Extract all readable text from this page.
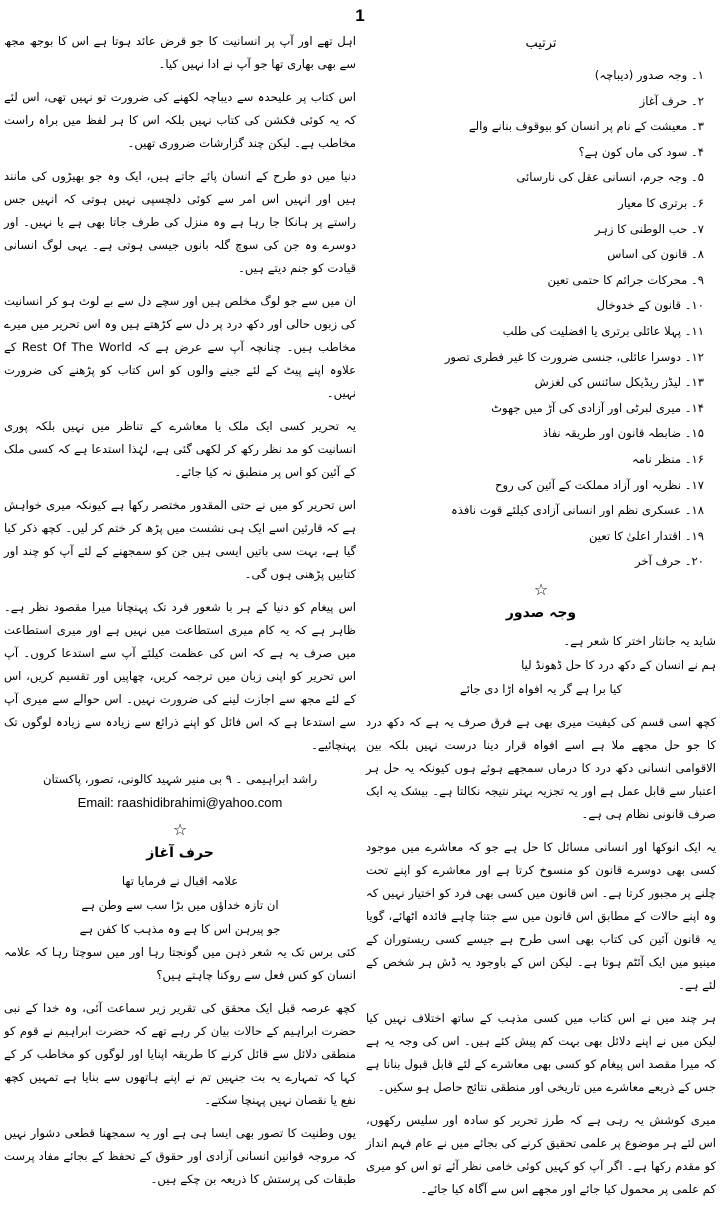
1
ترتیب
۱۔ وجہ صدور (دیباچہ)
۲۔ حرف آغاز
۳۔ معیشت کے نام پر انسان کو بیوقوف بنانے والے
۴۔ سود کی ماں کون ہے؟
۵۔ وجہ جرم، انسانی عقل کی نارسائی
۶۔ برتری کا معیار
۷۔ حب الوطنی کا زہر
۸۔ قانون کی اساس
۹۔ محرکات جرائم کا حتمی تعین
۱۰۔ قانون کے خدوخال
۱۱۔ پہلا عائلی برتری یا افضلیت کی طلب
۱۲۔ دوسرا عائلی، جنسی ضرورت کا غیر فطری تصور
۱۳۔ لیڈز ریڈیکل سائنس کی لغزش
۱۴۔ میری لبرٹی اور آزادی کی آڑ میں جھوٹ
۱۵۔ ضابطہ قانون اور طریقہ نفاذ
۱۶۔ منظر نامہ
۱۷۔ نظریہ اور آزاد مملکت کے آئین کی روح
۱۸۔ عسکری نظم اور انسانی آزادی کیلئے قوت نافذہ
۱۹۔ اقتدار اعلیٰ کا تعین
۲۰۔ حرف آخر
☆
وجہ صدور
شاید یہ جانثار اختر کا شعر ہے۔
ہم نے انسان کے دکھ درد کا حل ڈھونڈ لیا
کیا برا ہے گر یہ افواہ اڑا دی جائے

کچھ اسی قسم کی کیفیت میری بھی ہے فرق صرف یہ ہے کہ دکھ درد کا جو حل مجھے ملا ہے اسے افواہ قرار دینا درست نہیں بلکہ بین الاقوامی انسانی دکھ درد کا درماں سمجھے ہوئے ہوں کیونکہ یہ حل ہر اعتبار سے قابل عمل ہے اور یہ تجزیہ بہتر نتیجہ نکالتا ہے۔ بیشک یہ ایک صرف قانونی نظام ہی ہے۔

یہ ایک انوکھا اور انسانی مسائل کا حل ہے جو کہ معاشرے میں موجود کسی بھی دوسرے قانون کو منسوخ کرتا ہے اور معاشرے کو اپنے تحت چلنے پر مجبور کرتا ہے۔ اس قانون میں کسی بھی فرد کو اختیار نہیں کہ وہ اپنے حالات کے مطابق اس قانون میں سے جتنا چاہے فائدہ اٹھائے، گویا یہ قانون آئین کی کتاب بھی اسی طرح ہے جیسے کسی ریستوران کے مینیو میں ایک آئٹم ہوتا ہے۔ لیکن اس کے باوجود یہ ڈش ہر شخص کے لئے ہے۔

ہر چند میں نے اس کتاب میں کسی مذہب کے ساتھ اختلاف نہیں کیا لیکن میں نے اپنے دلائل بھی بہت کم پیش کئے ہیں۔ اس کی وجہ یہ ہے کہ میرا مقصد اس پیغام کو کسی بھی معاشرے کے لئے قابل قبول بنانا ہے جس کے ذریعے معاشرے میں تاریخی اور منطقی نتائج حاصل ہو سکیں۔

میری کوشش یہ رہی ہے کہ طرز تحریر کو سادہ اور سلیس رکھوں، اس لئے ہر موضوع پر علمی تحقیق کرنے کی بجائے میں نے عام فہم انداز کو مقدم رکھا ہے۔ اگر آپ کو کہیں کوئی خامی نظر آئے تو اس کو میری کم علمی پر محمول کیا جائے اور مجھے اس سے آگاہ کیا جائے۔

اہل تھے اور آپ پر انسانیت کا جو قرض عائد ہوتا ہے اس کا بوجھ مجھ سے بھی بھاری تھا جو آپ نے ادا نہیں کیا۔

اس کتاب پر علیحدہ سے دیباچہ لکھنے کی ضرورت تو نہیں تھی، اس لئے کہ یہ کوئی فکشن کی کتاب نہیں بلکہ اس کا ہر لفظ میں براہ راست مخاطب ہے۔ لیکن چند گزارشات ضروری تھیں۔

دنیا میں دو طرح کے انسان پائے جاتے ہیں، ایک وہ جو بھیڑوں کی مانند ہیں اور انہیں اس امر سے کوئی دلچسپی نہیں ہوتی کہ انہیں جس راستے پر ہانکا جا رہا ہے وہ منزل کی طرف جاتا بھی ہے یا نہیں۔ اور دوسرے وہ جن کی سوچ گلہ بانوں جیسی ہوتی ہے۔ یہی لوگ انسانی قیادت کو جنم دیتے ہیں۔

ان میں سے جو لوگ مخلص ہیں اور سچے دل سے بے لوث ہو کر انسانیت کی زبوں حالی اور دکھ درد پر دل سے کڑھتے ہیں وہ اس تحریر میں میرے مخاطب ہیں۔ چنانچہ آپ سے عرض ہے کہ Rest Of The World کے علاوہ اپنے پیٹ کے لئے جینے والوں کو اس کتاب کو پڑھنے کی ضرورت نہیں۔

یہ تحریر کسی ایک ملک یا معاشرے کے تناظر میں نہیں بلکہ پوری انسانیت کو مد نظر رکھ کر لکھی گئی ہے، لہٰذا استدعا ہے کہ کسی ملک کے آئین کو اس پر منطبق نہ کیا جائے۔

اس تحریر کو میں نے حتی المقدور مختصر رکھا ہے کیونکہ میری خواہش ہے کہ قارئین اسے ایک ہی نشست میں پڑھ کر ختم کر لیں۔ کچھ ذکر کیا گیا ہے، بہت سی باتیں ایسی ہیں جن کو سمجھنے کے لئے آپ کو چند اور کتابیں پڑھنی ہوں گی۔

اس پیغام کو دنیا کے ہر با شعور فرد تک پہنچانا میرا مقصود نظر ہے۔ ظاہر ہے کہ یہ کام میری استطاعت میں نہیں ہے اور میری استطاعت میں صرف یہ ہے کہ اس کی عظمت کیلئے آپ سے استدعا کروں۔ آپ اس تحریر کو اپنی زبان میں ترجمہ کریں، چھاپیں اور تقسیم کریں، اس کے لئے مجھ سے اجازت لینے کی ضرورت نہیں۔ اس حوالے سے میری آپ سے استدعا ہے کہ اس فائل کو اپنے ذرائع سے زیادہ سے زیادہ لوگوں تک پہنچائیے۔

راشد ابراہیمی ۔ ۹ بی منیر شہید کالونی، تصور، پاکستان
Email: raashidibrahimi@yahoo.com
☆
حرف آغاز
علامہ اقبال نے فرمایا تھا
ان تازہ خداؤں میں بڑا سب سے وطن ہے
جو پیرہن اس کا ہے وہ مذہب کا کفن ہے

کئی برس تک یہ شعر ذہن میں گونجتا رہا اور میں سوچتا رہا کہ علامہ انسان کو کس فعل سے روکنا چاہتے ہیں؟

کچھ عرصہ قبل ایک محقق کی تقریر زیر سماعت آئی، وہ خدا کے نبی حضرت ابراہیم کے حالات بیان کر رہے تھے کہ حضرت ابراہیم نے قوم کو منطقی دلائل سے قائل کرنے کا طریقہ اپنایا اور لوگوں کو مخاطب کر کے کہا کہ تمہارے یہ بت جنہیں تم نے اپنے ہاتھوں سے بنایا ہے تمہیں کچھ نفع یا نقصان نہیں پہنچا سکتے۔

یوں وطنیت کا تصور بھی ایسا ہی ہے اور یہ سمجھنا قطعی دشوار نہیں کہ مروجہ قوانین انسانی آزادی اور حقوق کے تحفظ کے بجائے مفاد پرست طبقات کی پرستش کا ذریعہ بن چکے ہیں۔
